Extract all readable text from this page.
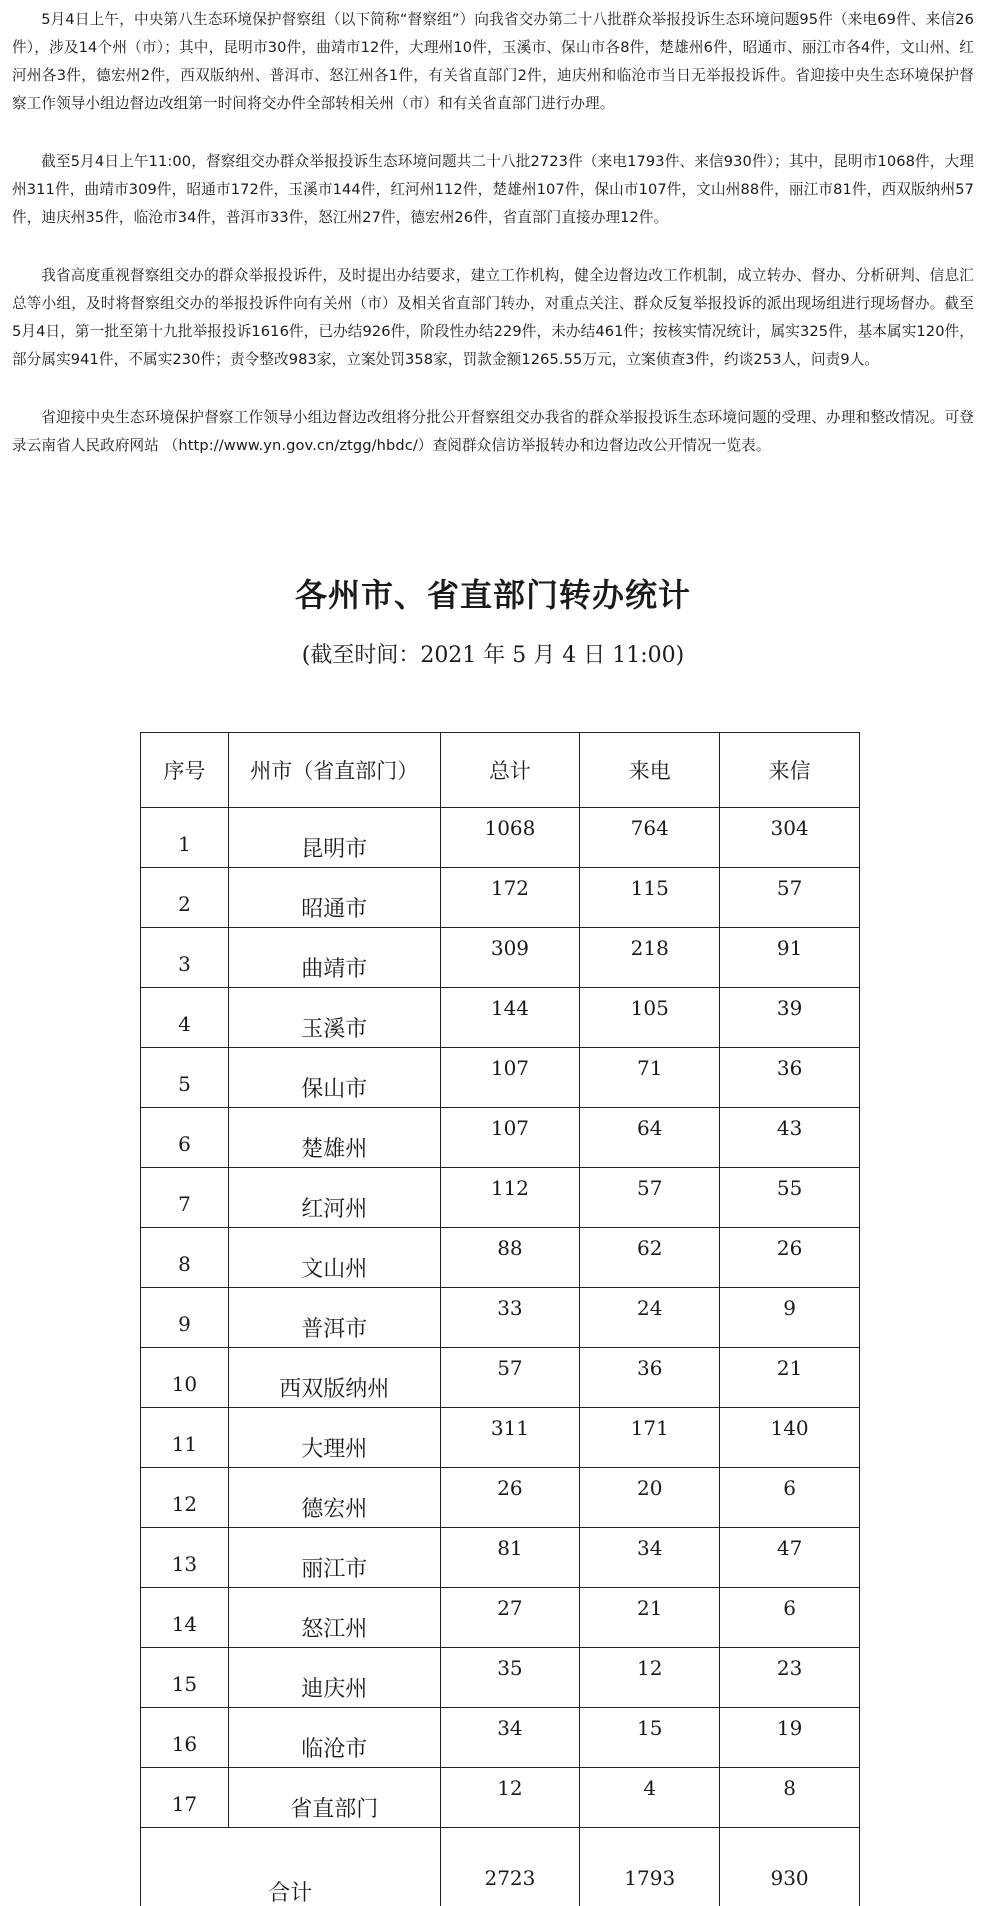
5月4日上午，中央第八生态环境保护督察组（以下简称“督察组”）向我省交办第二十八批群众举报投诉生态环境问题95件（来电69件、来信26件），涉及14个州（市）；其中，昆明市30件，曲靖市12件，大理州10件，玉溪市、保山市各8件，楚雄州6件，昭通市、丽江市各4件，文山州、红河州各3件，德宏州2件，西双版纳州、普洱市、怒江州各1件，有关省直部门2件，迪庆州和临沧市当日无举报投诉件。省迎接中央生态环境保护督察工作领导小组边督边改组第一时间将交办件全部转相关州（市）和有关省直部门进行办理。

截至5月4日上午11:00，督察组交办群众举报投诉生态环境问题共二十八批2723件（来电1793件、来信930件）；其中，昆明市1068件，大理州311件，曲靖市309件，昭通市172件，玉溪市144件，红河州112件，楚雄州107件，保山市107件，文山州88件，丽江市81件，西双版纳州57件，迪庆州35件，临沧市34件，普洱市33件，怒江州27件，德宏州26件，省直部门直接办理12件。

我省高度重视督察组交办的群众举报投诉件，及时提出办结要求，建立工作机构，健全边督边改工作机制，成立转办、督办、分析研判、信息汇总等小组，及时将督察组交办的举报投诉件向有关州（市）及相关省直部门转办，对重点关注、群众反复举报投诉的派出现场组进行现场督办。截至5月4日，第一批至第十九批举报投诉1616件，已办结926件，阶段性办结229件，未办结461件；按核实情况统计，属实325件，基本属实120件，部分属实941件，不属实230件；责令整改983家，立案处罚358家，罚款金额1265.55万元，立案侦查3件，约谈253人，问责9人。

省迎接中央生态环境保护督察工作领导小组边督边改组将分批公开督察组交办我省的群众举报投诉生态环境问题的受理、办理和整改情况。可登录云南省人民政府网站 （http://www.yn.gov.cn/ztgg/hbdc/）查阅群众信访举报转办和边督边改公开情况一览表。

各州市、省直部门转办统计
(截至时间：2021 年 5 月 4 日 11:00)
序号	州市（省直部门）	总计	来电	来信
1	昆明市	1068	764	304
2	昭通市	172	115	57
3	曲靖市	309	218	91
4	玉溪市	144	105	39
5	保山市	107	71	36
6	楚雄州	107	64	43
7	红河州	112	57	55
8	文山州	88	62	26
9	普洱市	33	24	9
10	西双版纳州	57	36	21
11	大理州	311	171	140
12	德宏州	26	20	6
13	丽江市	81	34	47
14	怒江州	27	21	6
15	迪庆州	35	12	23
16	临沧市	34	15	19
17	省直部门	12	4	8
合计		2723	1793	930
